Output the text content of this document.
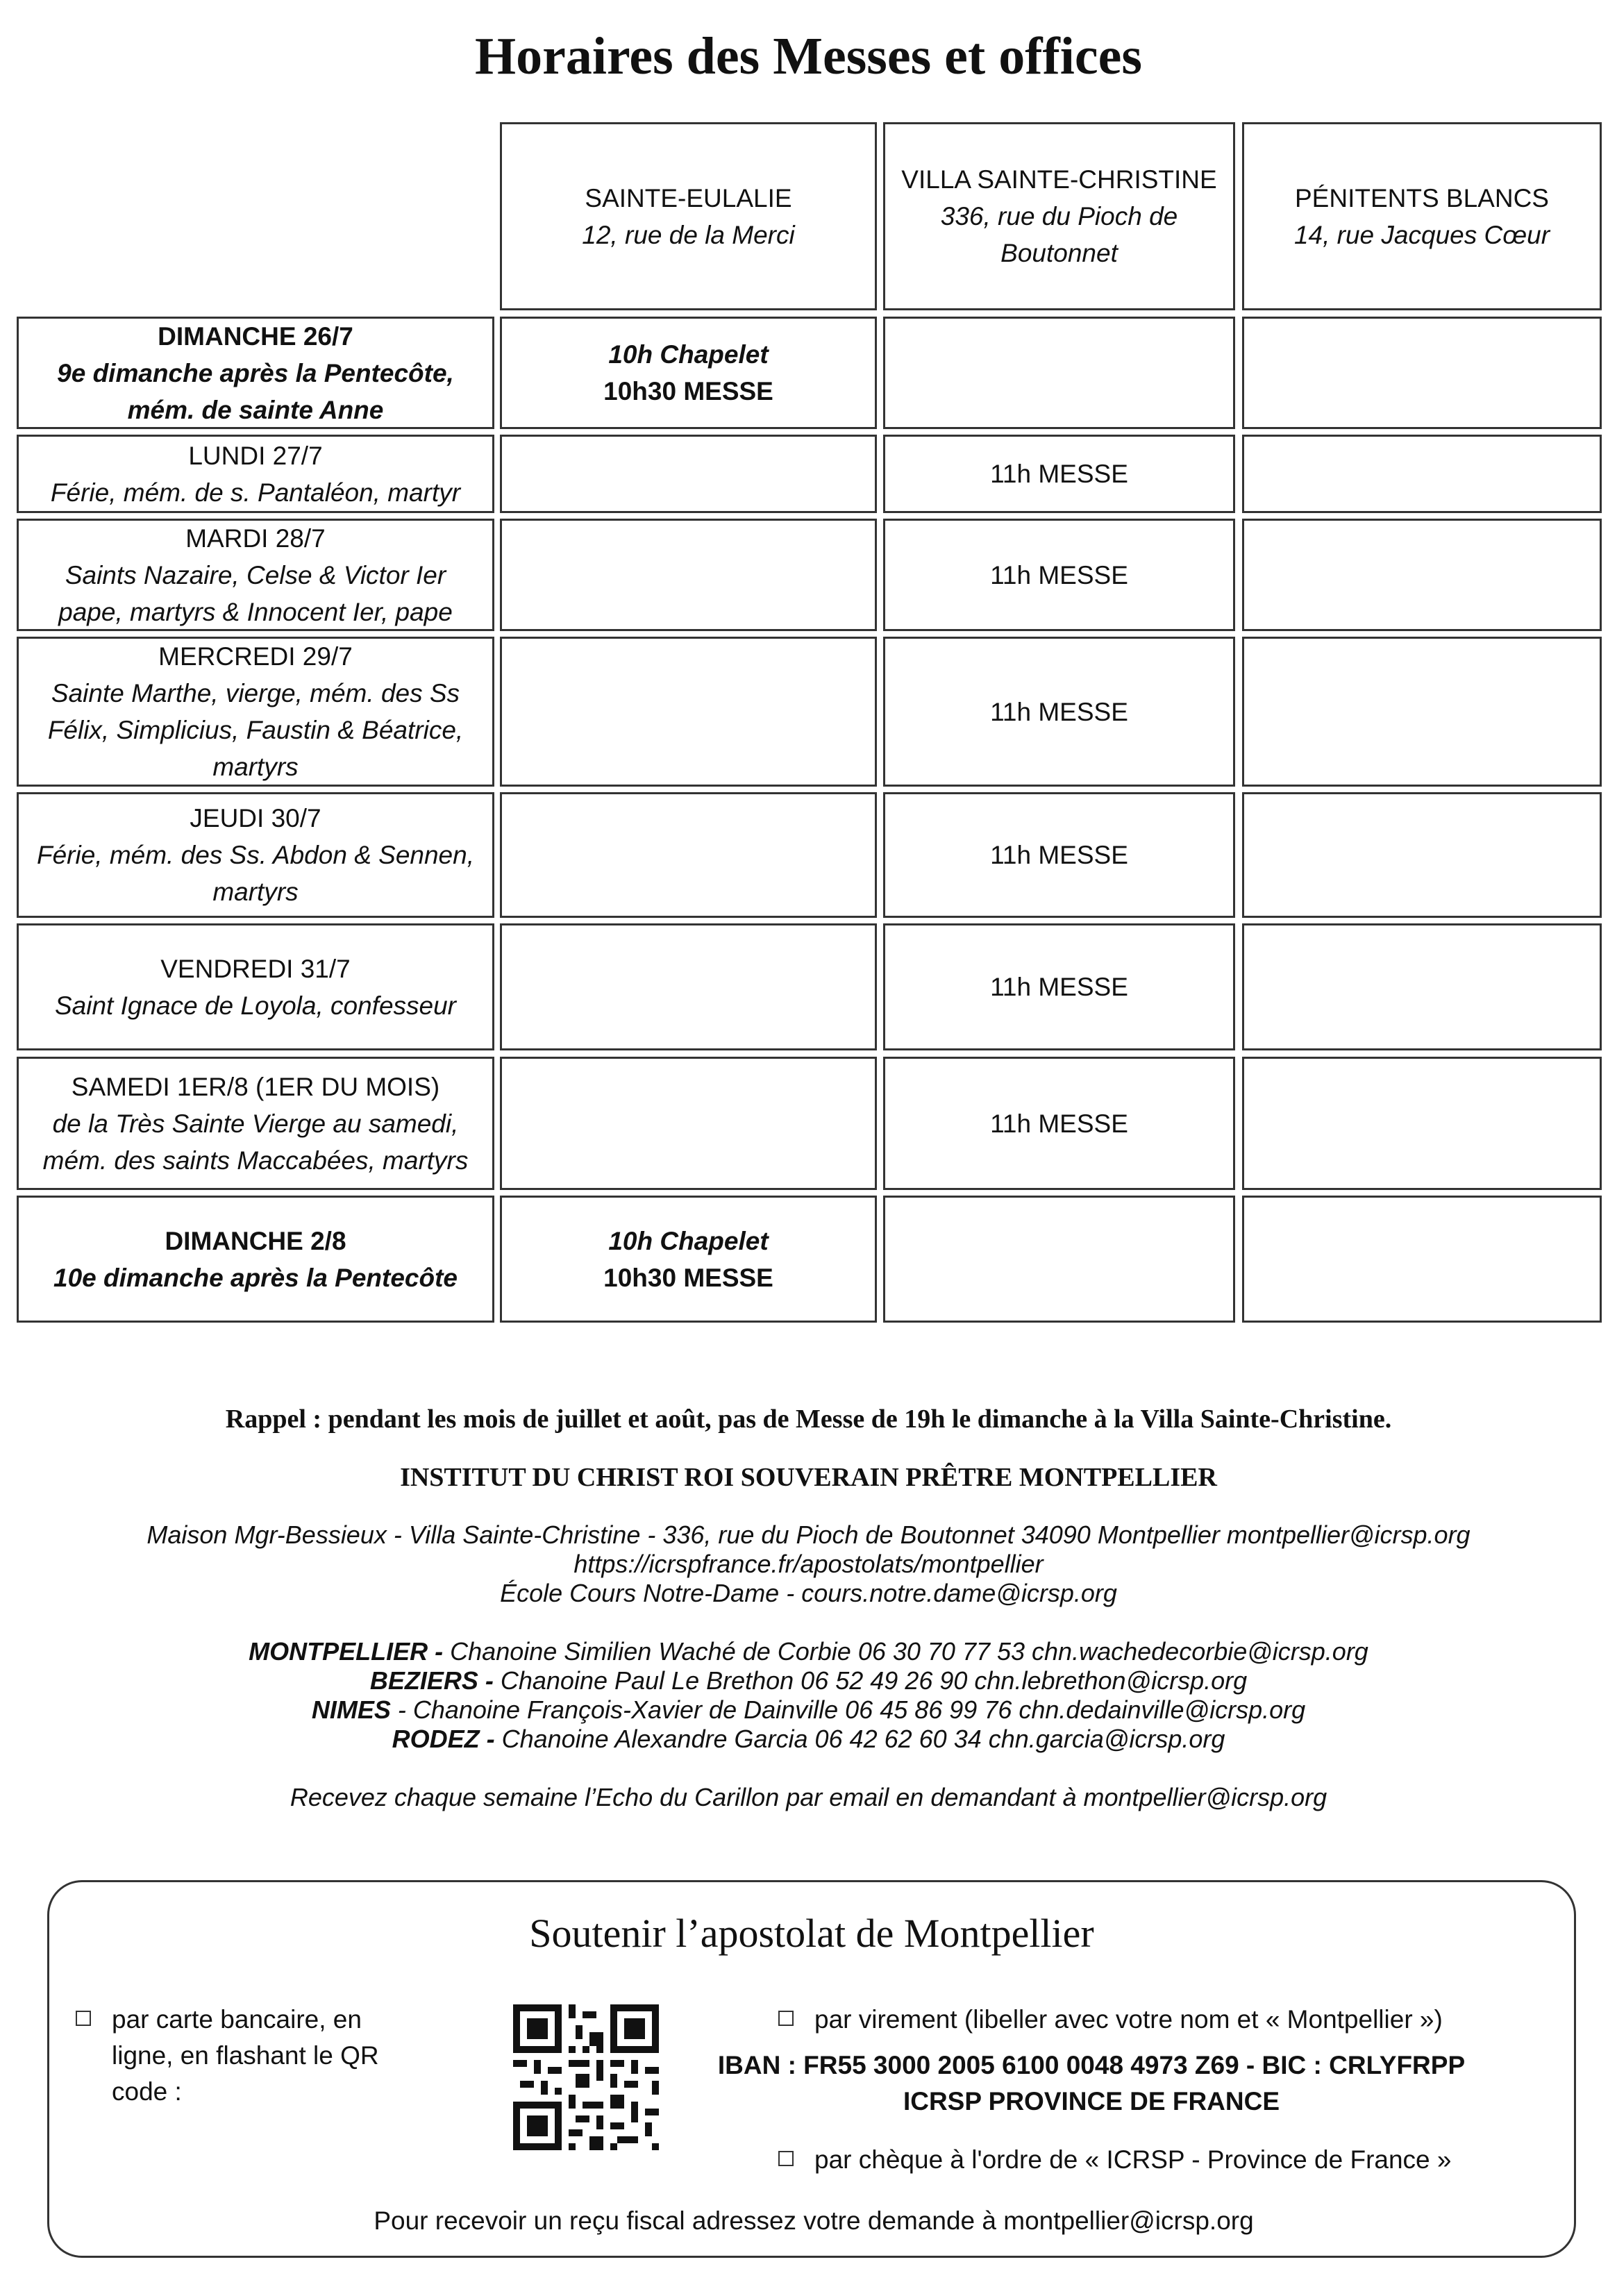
Horaires des Messes et offices
SAINTE-EULALIE
12, rue de la Merci
VILLA SAINTE-CHRISTINE
336, rue du Pioch de Boutonnet
PÉNITENTS BLANCS
14, rue Jacques Cœur
DIMANCHE 26/7
9e dimanche après la Pentecôte, mém. de sainte Anne
10h Chapelet
10h30 MESSE
LUNDI 27/7
Férie, mém. de s. Pantaléon, martyr
11h MESSE
MARDI 28/7
Saints Nazaire, Celse & Victor Ier pape, martyrs & Innocent Ier, pape
11h MESSE
MERCREDI 29/7
Sainte Marthe, vierge, mém. des Ss Félix, Simplicius, Faustin & Béatrice, martyrs
11h MESSE
JEUDI 30/7
Férie, mém. des Ss. Abdon & Sennen, martyrs
11h MESSE
VENDREDI 31/7
Saint Ignace de Loyola, confesseur
11h MESSE
SAMEDI 1ER/8 (1ER DU MOIS)
de la Très Sainte Vierge au samedi, mém. des saints Maccabées, martyrs
11h MESSE
DIMANCHE 2/8
10e dimanche après la Pentecôte
10h Chapelet
10h30 MESSE
Rappel : pendant les mois de juillet et août, pas de Messe de 19h le dimanche à la Villa Sainte-Christine.
INSTITUT DU CHRIST ROI SOUVERAIN PRÊTRE MONTPELLIER
Maison Mgr-Bessieux - Villa Sainte-Christine - 336, rue du Pioch de Boutonnet 34090 Montpellier montpellier@icrsp.org
https://icrspfrance.fr/apostolats/montpellier
École Cours Notre-Dame - cours.notre.dame@icrsp.org
MONTPELLIER - Chanoine Similien Waché de Corbie 06 30 70 77 53 chn.wachedecorbie@icrsp.org
BEZIERS - Chanoine Paul Le Brethon 06 52 49 26 90 chn.lebrethon@icrsp.org
NIMES - Chanoine François-Xavier de Dainville 06 45 86 99 76 chn.dedainville@icrsp.org
RODEZ - Chanoine Alexandre Garcia 06 42 62 60 34 chn.garcia@icrsp.org
Recevez chaque semaine l’Echo du Carillon par email en demandant à montpellier@icrsp.org
Soutenir l’apostolat de Montpellier
par carte bancaire, en
ligne, en flashant le QR
code :
par virement (libeller avec votre nom et « Montpellier »)
IBAN : FR55 3000 2005 6100 0048 4973 Z69 - BIC : CRLYFRPP
ICRSP PROVINCE DE FRANCE
par chèque à l'ordre de « ICRSP - Province de France »
Pour recevoir un reçu fiscal adressez votre demande à montpellier@icrsp.org
